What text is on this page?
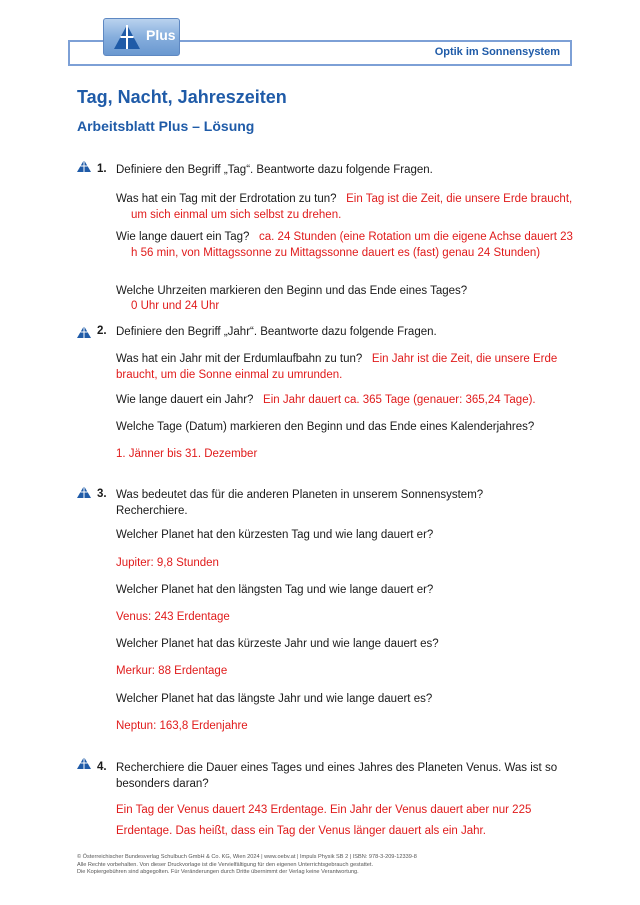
Optik im Sonnensystem
Plus
Tag, Nacht, Jahreszeiten
Arbeitsblatt Plus – Lösung
1. Definiere den Begriff „Tag“. Beantworte dazu folgende Fragen.
Was hat ein Tag mit der Erdrotation zu tun? Ein Tag ist die Zeit, die unsere Erde braucht, um sich einmal um sich selbst zu drehen.
Wie lange dauert ein Tag? ca. 24 Stunden (eine Rotation um die eigene Achse dauert 23 h 56 min, von Mittagssonne zu Mittagssonne dauert es (fast) genau 24 Stunden)
Welche Uhrzeiten markieren den Beginn und das Ende eines Tages?
0 Uhr und 24 Uhr
2. Definiere den Begriff „Jahr“. Beantworte dazu folgende Fragen.
Was hat ein Jahr mit der Erdumlaufbahn zu tun? Ein Jahr ist die Zeit, die unsere Erde braucht, um die Sonne einmal zu umrunden.
Wie lange dauert ein Jahr? Ein Jahr dauert ca. 365 Tage (genauer: 365,24 Tage).
Welche Tage (Datum) markieren den Beginn und das Ende eines Kalenderjahres?
1. Jänner bis 31. Dezember
3. Was bedeutet das für die anderen Planeten in unserem Sonnensystem? Recherchiere.
Welcher Planet hat den kürzesten Tag und wie lang dauert er?
Jupiter: 9,8 Stunden
Welcher Planet hat den längsten Tag und wie lange dauert er?
Venus: 243 Erdentage
Welcher Planet hat das kürzeste Jahr und wie lange dauert es?
Merkur: 88 Erdentage
Welcher Planet hat das längste Jahr und wie lange dauert es?
Neptun: 163,8 Erdenjahre
4. Recherchiere die Dauer eines Tages und eines Jahres des Planeten Venus. Was ist so besonders daran?
Ein Tag der Venus dauert 243 Erdentage. Ein Jahr der Venus dauert aber nur 225 Erdentage. Das heißt, dass ein Tag der Venus länger dauert als ein Jahr.
© Österreichischer Bundesverlag Schulbuch GmbH & Co. KG, Wien 2024 | www.oebv.at | Impuls Physik SB 2 | ISBN: 978-3-209-12339-8
Alle Rechte vorbehalten. Von dieser Druckvorlage ist die Vervielfältigung für den eigenen Unterrichtsgebrauch gestattet.
Die Kopiergebühren sind abgegolten. Für Veränderungen durch Dritte übernimmt der Verlag keine Verantwortung.
